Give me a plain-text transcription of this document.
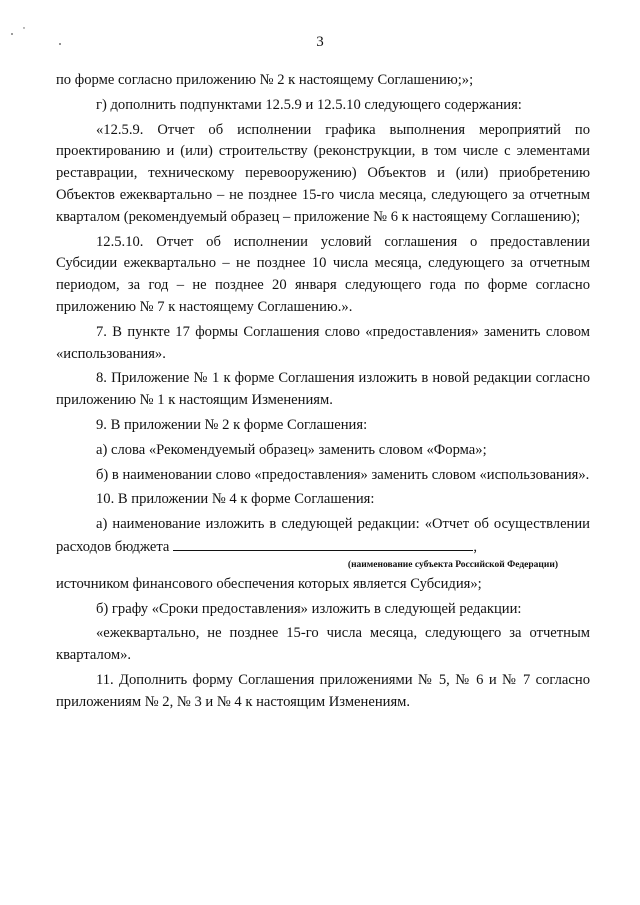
3

по форме согласно приложению № 2 к настоящему Соглашению;»;

г) дополнить подпунктами 12.5.9 и 12.5.10 следующего содержания:

«12.5.9. Отчет об исполнении графика выполнения мероприятий по проектированию и (или) строительству (реконструкции, в том числе с элементами реставрации, техническому перевооружению) Объектов и (или) приобретению Объектов ежеквартально – не позднее 15-го числа месяца, следующего за отчетным кварталом (рекомендуемый образец – приложение № 6 к настоящему Соглашению);

12.5.10. Отчет об исполнении условий соглашения о предоставлении Субсидии ежеквартально – не позднее 10 числа месяца, следующего за отчетным периодом, за год – не позднее 20 января следующего года по форме согласно приложению № 7 к настоящему Соглашению.».

7. В пункте 17 формы Соглашения слово «предоставления» заменить словом «использования».

8. Приложение № 1 к форме Соглашения изложить в новой редакции согласно приложению № 1 к настоящим Изменениям.

9. В приложении № 2 к форме Соглашения:

а) слова «Рекомендуемый образец» заменить словом «Форма»;

б) в наименовании слово «предоставления» заменить словом «использования».

10. В приложении № 4 к форме Соглашения:

а) наименование изложить в следующей редакции: «Отчет об осуществлении расходов бюджета	,

(наименование субъекта Российской Федерации)

источником финансового обеспечения которых является Субсидия»;

б) графу «Сроки предоставления» изложить в следующей редакции:

«ежеквартально, не позднее 15-го числа месяца, следующего за отчетным кварталом».

11. Дополнить форму Соглашения приложениями № 5, № 6 и № 7 согласно приложениям № 2, № 3 и № 4 к настоящим Изменениям.
